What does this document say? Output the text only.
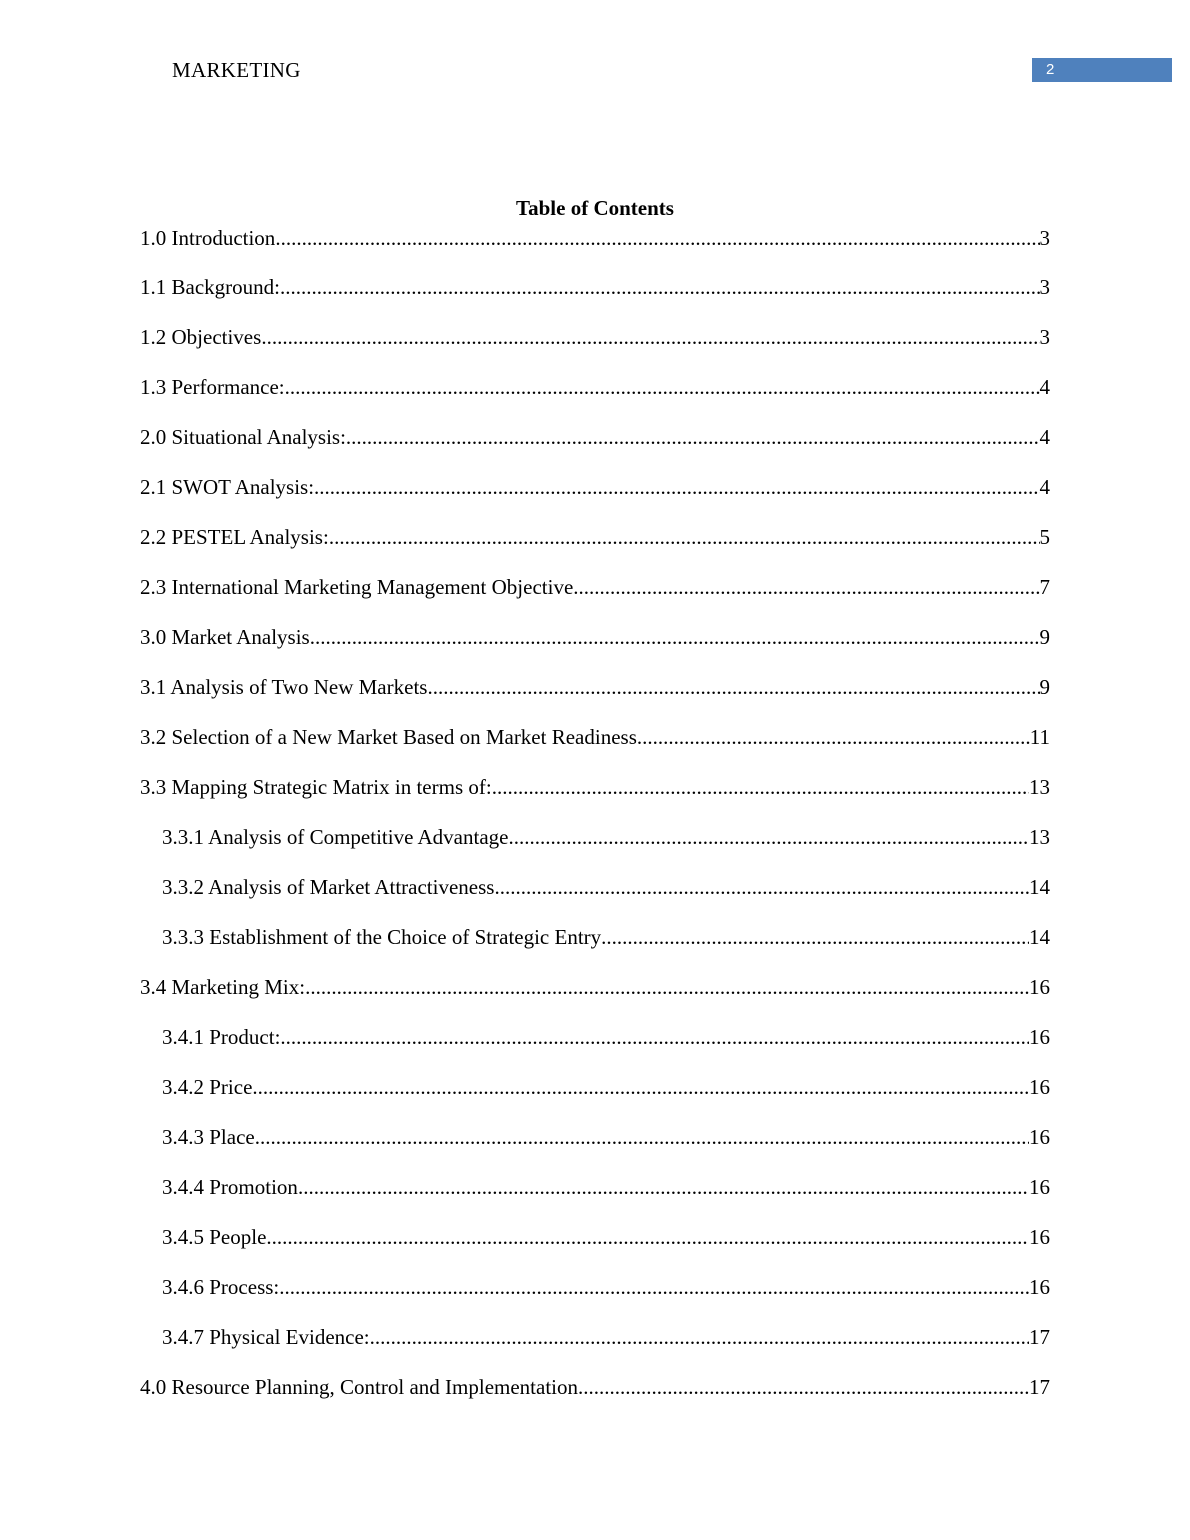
MARKETING	2
Table of Contents
1.0 Introduction .....	3
1.1 Background: .....	3
1.2 Objectives .....	3
1.3 Performance: .....	4
2.0 Situational Analysis: .....	4
2.1 SWOT Analysis: .....	4
2.2 PESTEL Analysis: .....	5
2.3 International Marketing Management Objective .....	7
3.0 Market Analysis .....	9
3.1 Analysis of Two New Markets .....	9
3.2 Selection of a New Market Based on Market Readiness .....	11
3.3 Mapping Strategic Matrix in terms of: .....	13
3.3.1 Analysis of Competitive Advantage .....	13
3.3.2 Analysis of Market Attractiveness .....	14
3.3.3 Establishment of the Choice of Strategic Entry .....	14
3.4 Marketing Mix: .....	16
3.4.1 Product: .....	16
3.4.2 Price .....	16
3.4.3 Place .....	16
3.4.4 Promotion .....	16
3.4.5 People .....	16
3.4.6 Process: .....	16
3.4.7 Physical Evidence: .....	17
4.0 Resource Planning, Control and Implementation .....	17
